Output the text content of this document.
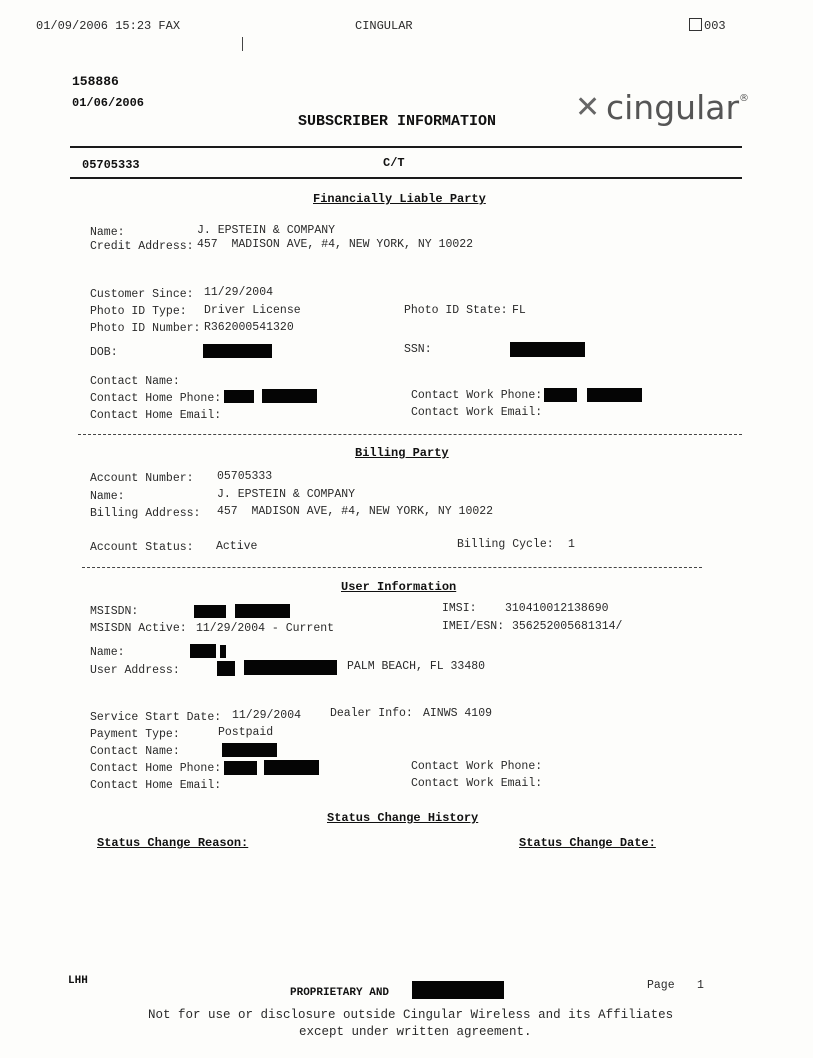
01/09/2006 15:23 FAX	CINGULAR	003
158886
01/06/2006
SUBSCRIBER INFORMATION	✕ cingular ®
05705333	C/T
Financially Liable Party
Name:	J. EPSTEIN & COMPANY
Credit Address: 457  MADISON AVE, #4, NEW YORK, NY 10022
Customer Since: 11/29/2004
Photo ID Type: Driver License	Photo ID State: FL
Photo ID Number: R362000541320
DOB:	SSN:
Contact Name:
Contact Home Phone:	Contact Work Phone:
Contact Home Email:	Contact Work Email:
Billing Party
Account Number: 05705333
Name:	J. EPSTEIN & COMPANY
Billing Address: 457  MADISON AVE, #4, NEW YORK, NY 10022
Account Status: Active	Billing Cycle: 1
User Information
MSISDN:	IMSI: 310410012138690
MSISDN Active: 11/29/2004 - Current	IMEI/ESN: 356252005681314/
Name:
User Address:	PALM BEACH, FL 33480
Service Start Date: 11/29/2004	Dealer Info: AINWS 4109
Payment Type:	Postpaid
Contact Name:
Contact Home Phone:	Contact Work Phone:
Contact Home Email:	Contact Work Email:
Status Change History
Status Change Reason:	Status Change Date:
LHH
PROPRIETARY AND
Page 1
Not for use or disclosure outside Cingular Wireless and its Affiliates
except under written agreement.
